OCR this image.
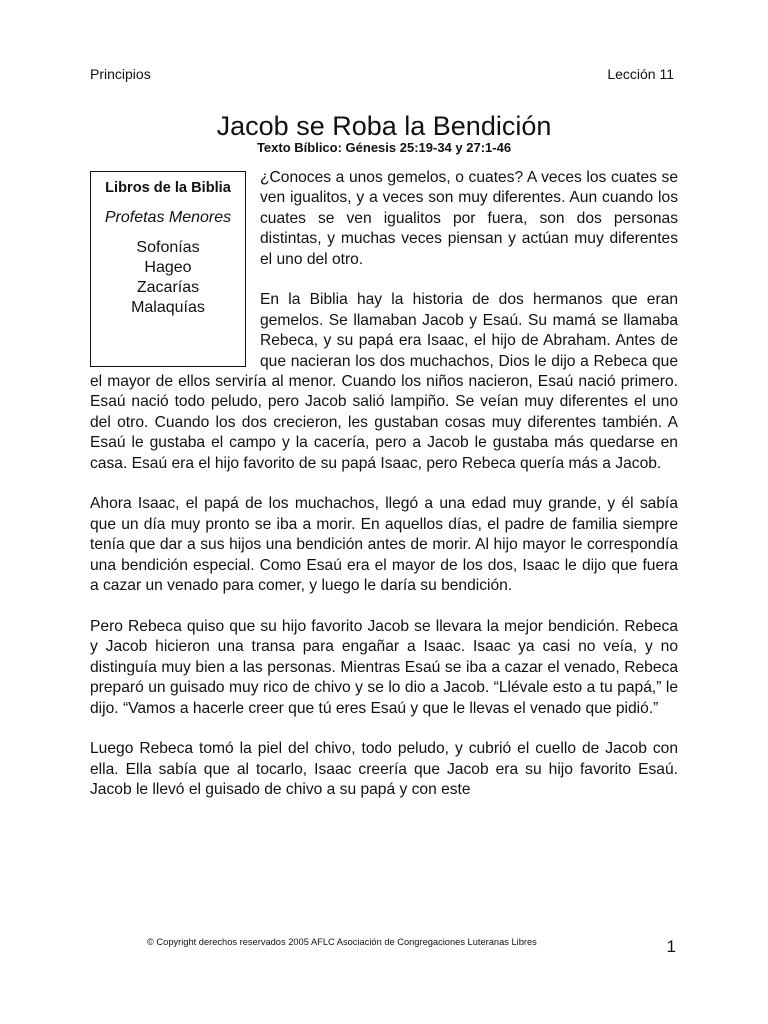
Principios	Lección 11
Jacob se Roba la Bendición
Texto Bíblico: Génesis 25:19-34 y 27:1-46
Libros de la Biblia
Profetas Menores
Sofonías
Hageo
Zacarías
Malaquías

¿Conoces a unos gemelos, o cuates? A veces los cuates se ven igualitos, y a veces son muy diferentes. Aun cuando los cuates se ven igualitos por fuera, son dos personas distintas, y muchas veces piensan y actúan muy diferentes el uno del otro.

En la Biblia hay la historia de dos hermanos que eran gemelos. Se llamaban Jacob y Esaú. Su mamá se llamaba Rebeca, y su papá era Isaac, el hijo de Abraham. Antes de que nacieran los dos muchachos, Dios le dijo a Rebeca que el mayor de ellos serviría al menor. Cuando los niños nacieron, Esaú nació primero. Esaú nació todo peludo, pero Jacob salió lampiño. Se veían muy diferentes el uno del otro. Cuando los dos crecieron, les gustaban cosas muy diferentes también. A Esaú le gustaba el campo y la cacería, pero a Jacob le gustaba más quedarse en casa. Esaú era el hijo favorito de su papá Isaac, pero Rebeca quería más a Jacob.

Ahora Isaac, el papá de los muchachos, llegó a una edad muy grande, y él sabía que un día muy pronto se iba a morir. En aquellos días, el padre de familia siempre tenía que dar a sus hijos una bendición antes de morir. Al hijo mayor le correspondía una bendición especial. Como Esaú era el mayor de los dos, Isaac le dijo que fuera a cazar un venado para comer, y luego le daría su bendición.

Pero Rebeca quiso que su hijo favorito Jacob se llevara la mejor bendición. Rebeca y Jacob hicieron una transa para engañar a Isaac. Isaac ya casi no veía, y no distinguía muy bien a las personas. Mientras Esaú se iba a cazar el venado, Rebeca preparó un guisado muy rico de chivo y se lo dio a Jacob. “Llévale esto a tu papá,” le dijo. “Vamos a hacerle creer que tú eres Esaú y que le llevas el venado que pidió.”

Luego Rebeca tomó la piel del chivo, todo peludo, y cubrió el cuello de Jacob con ella. Ella sabía que al tocarlo, Isaac creería que Jacob era su hijo favorito Esaú. Jacob le llevó el guisado de chivo a su papá y con este

© Copyright derechos reservados 2005 AFLC Asociación de Congregaciones Luteranas Libres	1
